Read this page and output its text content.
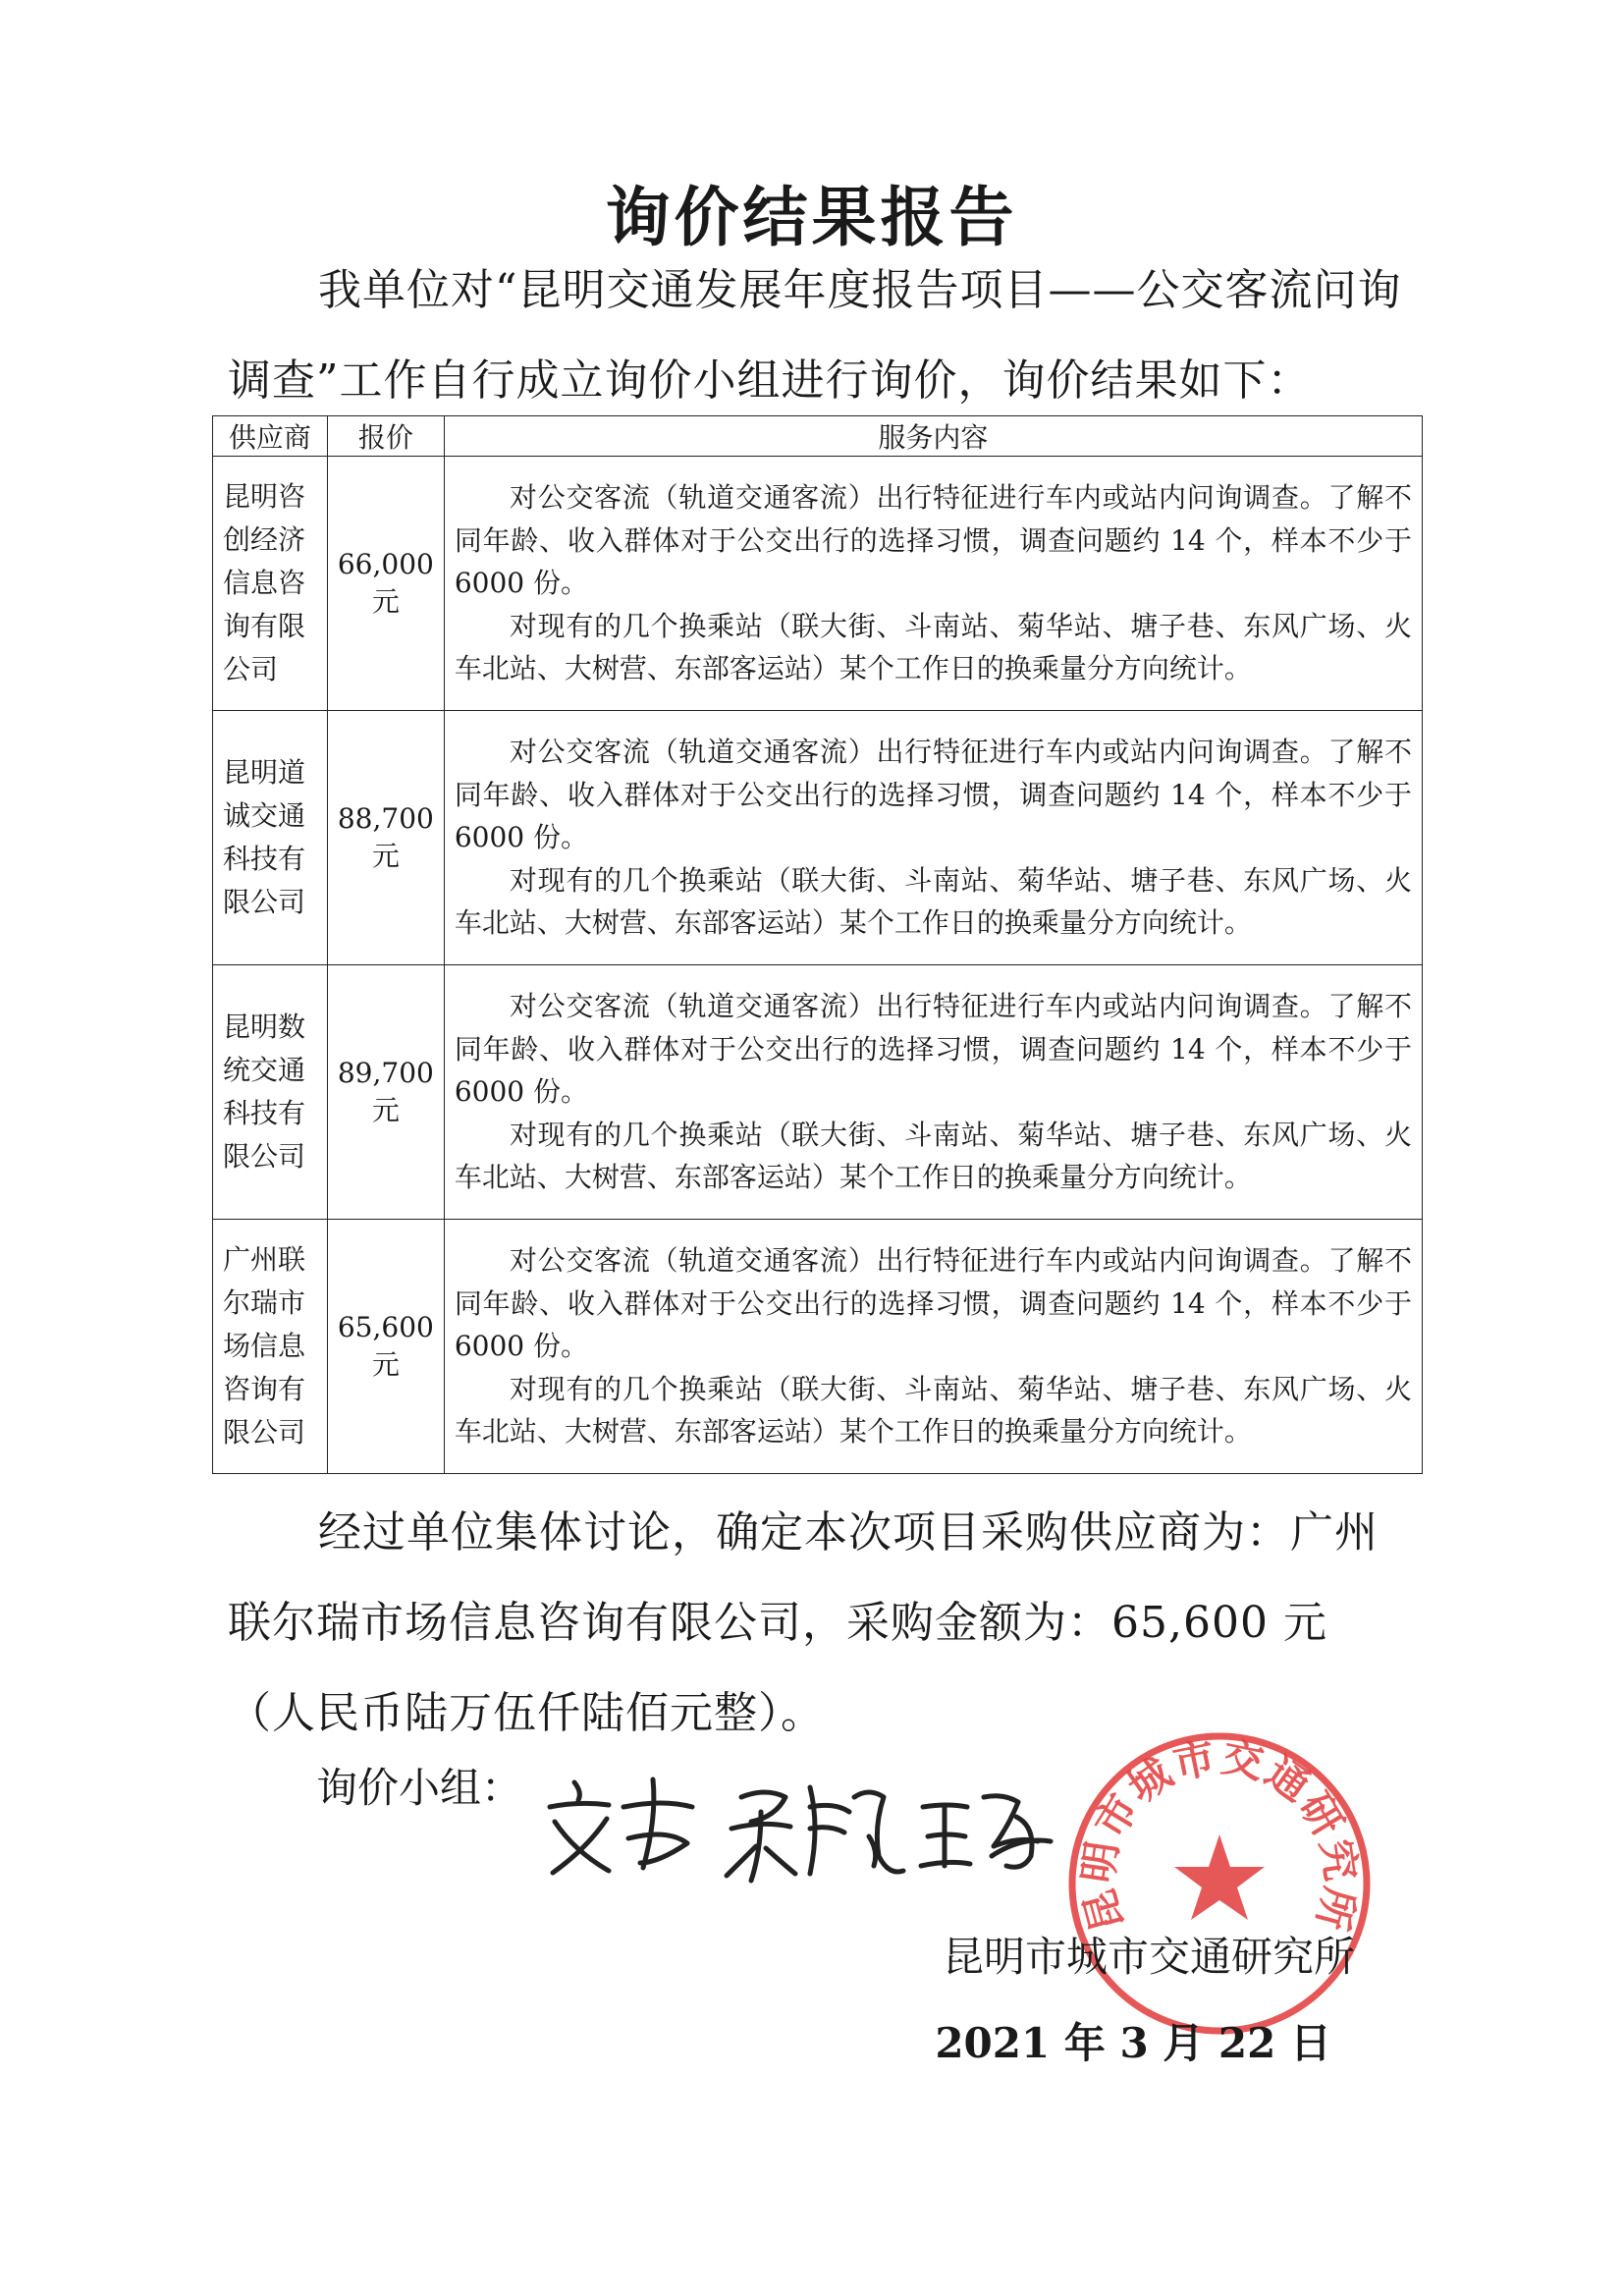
询价结果报告
我单位对“昆明交通发展年度报告项目——公交客流问询调查”工作自行成立询价小组进行询价，询价结果如下：
供应商	报价	服务内容
昆明咨创经济信息咨询有限公司	66,000元	对公交客流（轨道交通客流）出行特征进行车内或站内问询调查。了解不同年龄、收入群体对于公交出行的选择习惯，调查问题约 14 个，样本不少于 6000 份。

对现有的几个换乘站（联大街、斗南站、菊华站、塘子巷、东风广场、火车北站、大树营、东部客运站）某个工作日的换乘量分方向统计。

昆明道诚交通科技有限公司	88,700元	对公交客流（轨道交通客流）出行特征进行车内或站内问询调查。了解不同年龄、收入群体对于公交出行的选择习惯，调查问题约 14 个，样本不少于 6000 份。

对现有的几个换乘站（联大街、斗南站、菊华站、塘子巷、东风广场、火车北站、大树营、东部客运站）某个工作日的换乘量分方向统计。

昆明数统交通科技有限公司	89,700元	对公交客流（轨道交通客流）出行特征进行车内或站内问询调查。了解不同年龄、收入群体对于公交出行的选择习惯，调查问题约 14 个，样本不少于 6000 份。

对现有的几个换乘站（联大街、斗南站、菊华站、塘子巷、东风广场、火车北站、大树营、东部客运站）某个工作日的换乘量分方向统计。

广州联尔瑞市场信息咨询有限公司	65,600元	对公交客流（轨道交通客流）出行特征进行车内或站内问询调查。了解不同年龄、收入群体对于公交出行的选择习惯，调查问题约 14 个，样本不少于 6000 份。

对现有的几个换乘站（联大街、斗南站、菊华站、塘子巷、东风广场、火车北站、大树营、东部客运站）某个工作日的换乘量分方向统计。

经过单位集体讨论，确定本次项目采购供应商为：广州联尔瑞市场信息咨询有限公司，采购金额为：65,600 元（人民币陆万伍仟陆佰元整）。
询价小组：
昆明市城市交通研究所
昆明市城市交通研究所
2021 年 3 月 22 日
